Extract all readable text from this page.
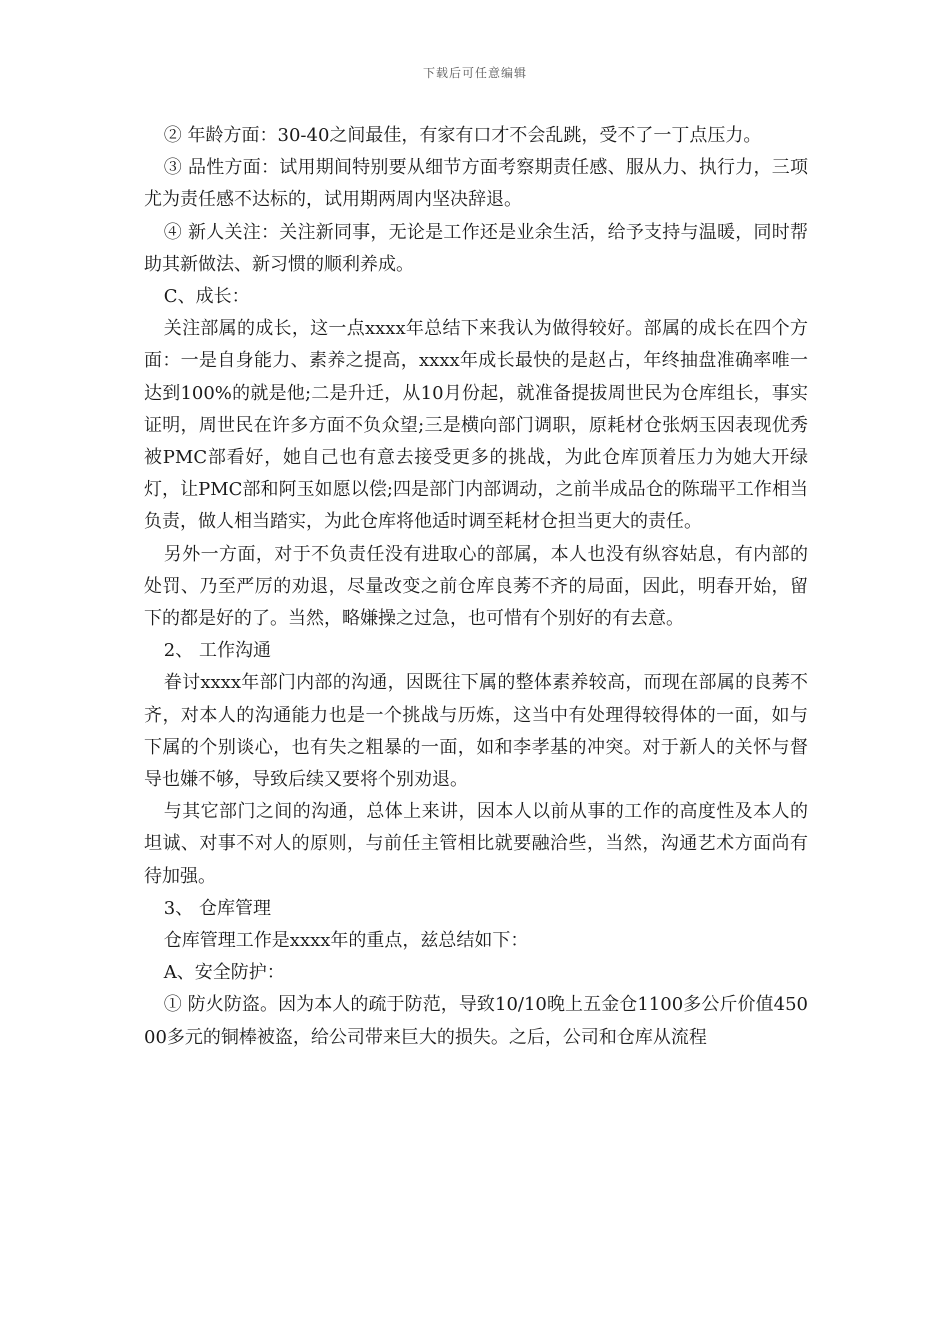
下载后可任意编辑

② 年龄方面：30-40之间最佳，有家有口才不会乱跳，受不了一丁点压力。

③ 品性方面：试用期间特别要从细节方面考察期责任感、服从力、执行力，三项尤为责任感不达标的，试用期两周内坚决辞退。

④ 新人关注：关注新同事，无论是工作还是业余生活，给予支持与温暖，同时帮助其新做法、新习惯的顺利养成。

C、成长：

关注部属的成长，这一点xxxx年总结下来我认为做得较好。部属的成长在四个方面：一是自身能力、素养之提高，xxxx年成长最快的是赵占，年终抽盘准确率唯一达到100%的就是他;二是升迁，从10月份起，就准备提拔周世民为仓库组长，事实证明，周世民在许多方面不负众望;三是横向部门调职，原耗材仓张炳玉因表现优秀被PMC部看好，她自己也有意去接受更多的挑战，为此仓库顶着压力为她大开绿灯，让PMC部和阿玉如愿以偿;四是部门内部调动，之前半成品仓的陈瑞平工作相当负责，做人相当踏实，为此仓库将他适时调至耗材仓担当更大的责任。

另外一方面，对于不负责任没有进取心的部属，本人也没有纵容姑息，有内部的处罚、乃至严厉的劝退，尽量改变之前仓库良莠不齐的局面，因此，明春开始，留下的都是好的了。当然，略嫌操之过急，也可惜有个别好的有去意。

2、 工作沟通

眷讨xxxx年部门内部的沟通，因既往下属的整体素养较高，而现在部属的良莠不齐，对本人的沟通能力也是一个挑战与历炼，这当中有处理得较得体的一面，如与下属的个别谈心，也有失之粗暴的一面，如和李孝基的冲突。对于新人的关怀与督导也嫌不够，导致后续又要将个别劝退。

与其它部门之间的沟通，总体上来讲，因本人以前从事的工作的高度性及本人的坦诚、对事不对人的原则，与前任主管相比就要融洽些，当然，沟通艺术方面尚有待加强。

3、 仓库管理

仓库管理工作是xxxx年的重点，兹总结如下：

A、安全防护：

① 防火防盗。因为本人的疏于防范，导致10/10晚上五金仓1100多公斤价值45000多元的铜棒被盗，给公司带来巨大的损失。之后，公司和仓库从流程
